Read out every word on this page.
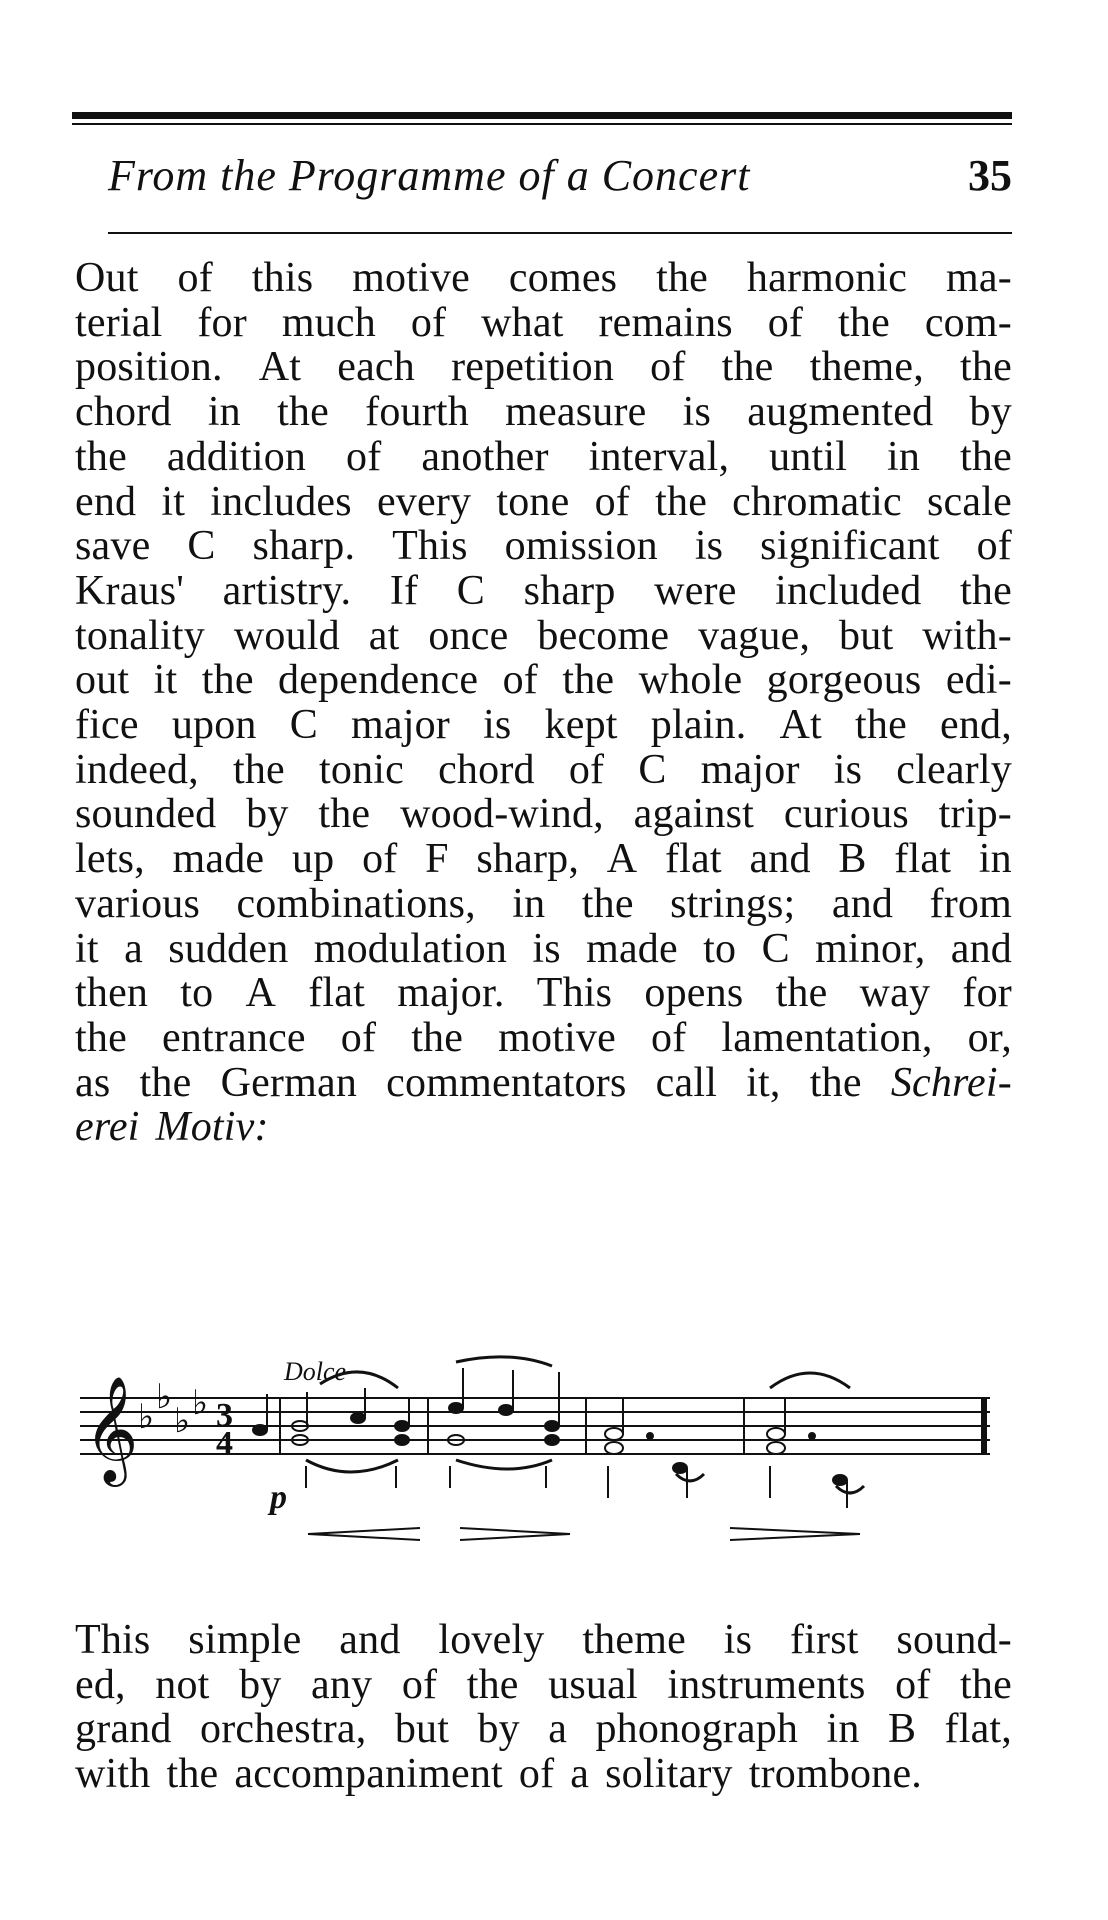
From the Programme of a Concert	35
Out of this motive comes the harmonic ma-
terial for much of what remains of the com-
position. At each repetition of the theme, the
chord in the fourth measure is augmented by
the addition of another interval, until in the
end it includes every tone of the chromatic scale
save C sharp. This omission is significant of
Kraus' artistry. If C sharp were included the
tonality would at once become vague, but with-
out it the dependence of the whole gorgeous edi-
fice upon C major is kept plain. At the end,
indeed, the tonic chord of C major is clearly
sounded by the wood-wind, against curious trip-
lets, made up of F sharp, A flat and B flat in
various combinations, in the strings; and from
it a sudden modulation is made to C minor, and
then to A flat major. This opens the way for
the entrance of the motive of lamentation, or,
as the German commentators call it, the Schrei-
erei Motiv:
𝄞 ♭ ♭
♭ ♭ 3
4
Dolce
p
This simple and lovely theme is first sound-
ed, not by any of the usual instruments of the
grand orchestra, but by a phonograph in B flat,
with the accompaniment of a solitary trombone.
